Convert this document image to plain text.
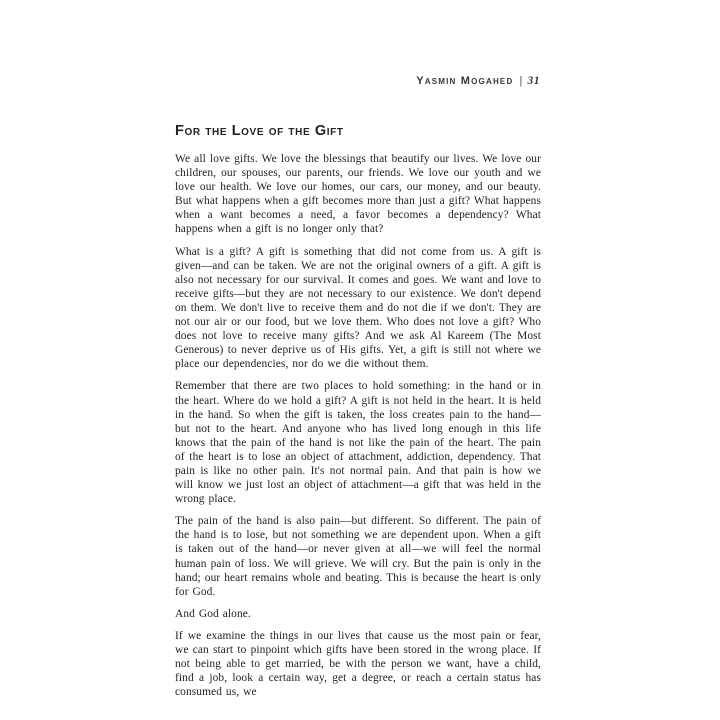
Yasmin Mogahed | 31
For the Love of the Gift

We all love gifts. We love the blessings that beautify our lives. We love our children, our spouses, our parents, our friends. We love our youth and we love our health. We love our homes, our cars, our money, and our beauty. But what happens when a gift becomes more than just a gift? What happens when a want becomes a need, a favor becomes a dependency? What happens when a gift is no longer only that?

What is a gift? A gift is something that did not come from us. A gift is given—and can be taken. We are not the original owners of a gift. A gift is also not necessary for our survival. It comes and goes. We want and love to receive gifts—but they are not necessary to our existence. We don't depend on them. We don't live to receive them and do not die if we don't. They are not our air or our food, but we love them. Who does not love a gift? Who does not love to receive many gifts? And we ask Al Kareem (The Most Generous) to never deprive us of His gifts. Yet, a gift is still not where we place our dependencies, nor do we die without them.

Remember that there are two places to hold something: in the hand or in the heart. Where do we hold a gift? A gift is not held in the heart. It is held in the hand. So when the gift is taken, the loss creates pain to the hand—but not to the heart. And anyone who has lived long enough in this life knows that the pain of the hand is not like the pain of the heart. The pain of the heart is to lose an object of attachment, addiction, dependency. That pain is like no other pain. It's not normal pain. And that pain is how we will know we just lost an object of attachment—a gift that was held in the wrong place.

The pain of the hand is also pain—but different. So different. The pain of the hand is to lose, but not something we are dependent upon. When a gift is taken out of the hand—or never given at all—we will feel the normal human pain of loss. We will grieve. We will cry. But the pain is only in the hand; our heart remains whole and beating. This is because the heart is only for God.

And God alone.

If we examine the things in our lives that cause us the most pain or fear, we can start to pinpoint which gifts have been stored in the wrong place. If not being able to get married, be with the person we want, have a child, find a job, look a certain way, get a degree, or reach a certain status has consumed us, we
